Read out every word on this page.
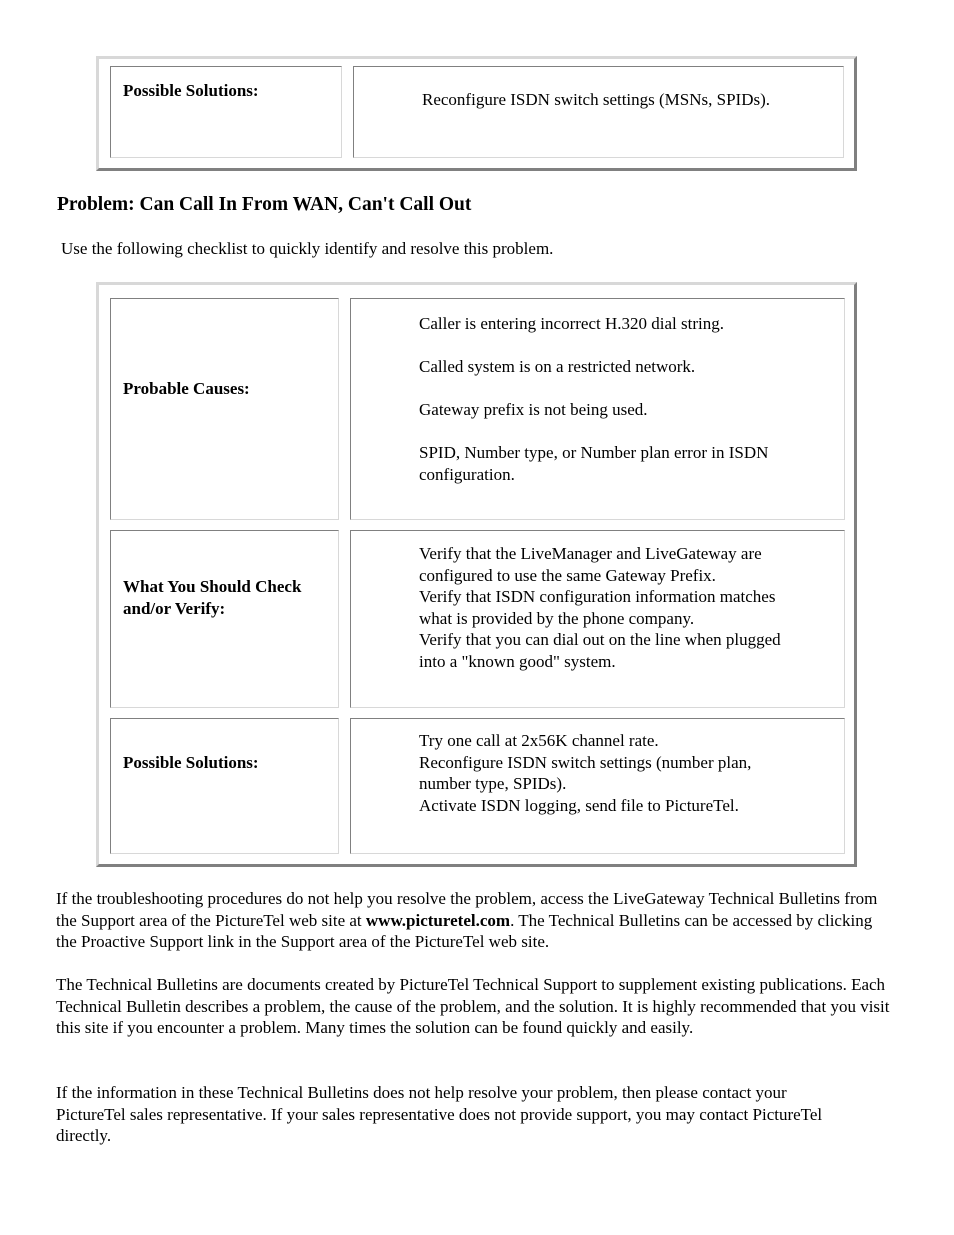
Possible Solutions:	Reconfigure ISDN switch settings (MSNs, SPIDs).
Problem: Can Call In From WAN, Can't Call Out

Use the following checklist to quickly identify and resolve this problem.

Probable Causes:
Caller is entering incorrect H.320 dial string.
Called system is on a restricted network.
Gateway prefix is not being used.
SPID, Number type, or Number plan error in ISDN
configuration.
What You Should Check
and/or Verify:
Verify that the LiveManager and LiveGateway are
configured to use the same Gateway Prefix.
Verify that ISDN configuration information matches
what is provided by the phone company.
Verify that you can dial out on the line when plugged
into a "known good" system.
Possible Solutions:
Try one call at 2x56K channel rate.
Reconfigure ISDN switch settings (number plan,
number type, SPIDs).
Activate ISDN logging, send file to PictureTel.

If the troubleshooting procedures do not help you resolve the problem, access the LiveGateway Technical Bulletins from the Support area of the PictureTel web site at www.picturetel.com. The Technical Bulletins can be accessed by clicking the Proactive Support link in the Support area of the PictureTel web site.

The Technical Bulletins are documents created by PictureTel Technical Support to supplement existing publications. Each Technical Bulletin describes a problem, the cause of the problem, and the solution. It is highly recommended that you visit this site if you encounter a problem. Many times the solution can be found quickly and easily.

If the information in these Technical Bulletins does not help resolve your problem, then please contact your PictureTel sales representative. If your sales representative does not provide support, you may contact PictureTel directly.
